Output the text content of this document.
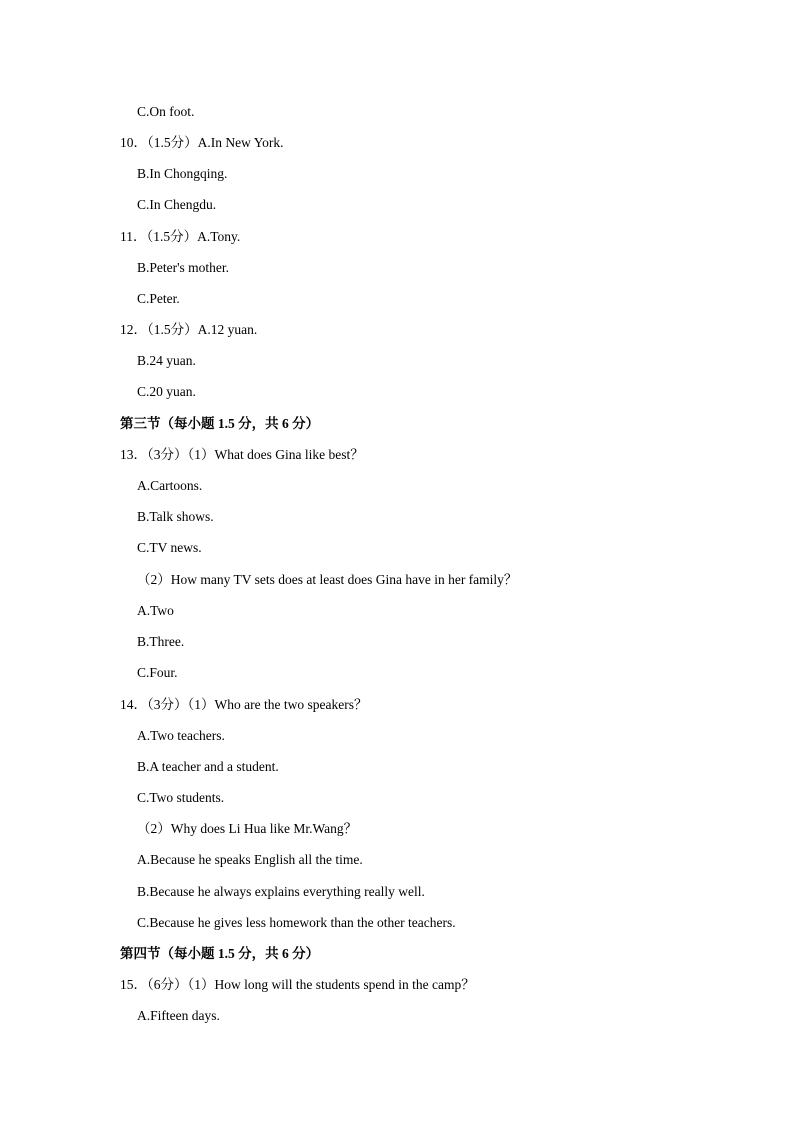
C.On foot.
10．（1.5分）A.In New York.
B.In Chongqing.
C.In Chengdu.
11．（1.5分）A.Tony.
B.Peter's mother.
C.Peter.
12．（1.5分）A.12 yuan.
B.24 yuan.
C.20 yuan.
第三节（每小题 1.5 分，共 6 分）
13．（3分）（1）What does Gina like best？
A.Cartoons.
B.Talk shows.
C.TV news.
（2）How many TV sets does at least does Gina have in her family？
A.Two
B.Three.
C.Four.
14．（3分）（1）Who are the two speakers？
A.Two teachers.
B.A teacher and a student.
C.Two students.
（2）Why does Li Hua like Mr.Wang？
A.Because he speaks English all the time.
B.Because he always explains everything really well.
C.Because he gives less homework than the other teachers.
第四节（每小题 1.5 分，共 6 分）
15．（6分）（1）How long will the students spend in the camp？
A.Fifteen days.
